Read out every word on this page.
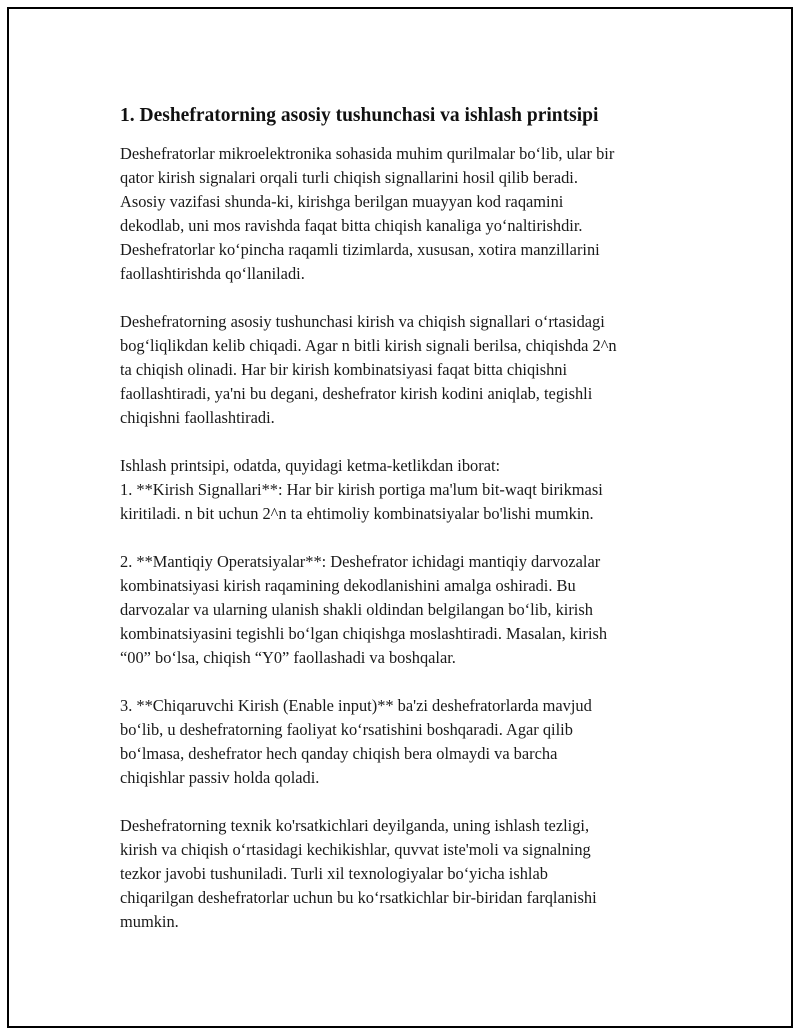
1. Deshefratorning asosiy tushunchasi va ishlash printsipi
Deshefratorlar mikroelektronika sohasida muhim qurilmalar bo‘lib, ular bir
qator kirish signalari orqali turli chiqish signallarini hosil qilib beradi.
Asosiy vazifasi shunda-ki, kirishga berilgan muayyan kod raqamini
dekodlab, uni mos ravishda faqat bitta chiqish kanaliga yo‘naltirishdir.
Deshefratorlar ko‘pincha raqamli tizimlarda, xususan, xotira manzillarini
faollashtirishda qo‘llaniladi.
Deshefratorning asosiy tushunchasi kirish va chiqish signallari o‘rtasidagi
bog‘liqlikdan kelib chiqadi. Agar n bitli kirish signali berilsa, chiqishda 2^n
ta chiqish olinadi. Har bir kirish kombinatsiyasi faqat bitta chiqishni
faollashtiradi, ya'ni bu degani, deshefrator kirish kodini aniqlab, tegishli
chiqishni faollashtiradi.
Ishlash printsipi, odatda, quyidagi ketma-ketlikdan iborat:
1. **Kirish Signallari**: Har bir kirish portiga ma'lum bit-waqt birikmasi
kiritiladi. n bit uchun 2^n ta ehtimoliy kombinatsiyalar bo'lishi mumkin.
2. **Mantiqiy Operatsiyalar**: Deshefrator ichidagi mantiqiy darvozalar
kombinatsiyasi kirish raqamining dekodlanishini amalga oshiradi. Bu
darvozalar va ularning ulanish shakli oldindan belgilangan bo‘lib, kirish
kombinatsiyasini tegishli bo‘lgan chiqishga moslashtiradi. Masalan, kirish
“00” bo‘lsa, chiqish “Y0” faollashadi va boshqalar.
3. **Chiqaruvchi Kirish (Enable input)** ba'zi deshefratorlarda mavjud
bo‘lib, u deshefratorning faoliyat ko‘rsatishini boshqaradi. Agar qilib
bo‘lmasa, deshefrator hech qanday chiqish bera olmaydi va barcha
chiqishlar passiv holda qoladi.
Deshefratorning texnik ko'rsatkichlari deyilganda, uning ishlash tezligi,
kirish va chiqish o‘rtasidagi kechikishlar, quvvat iste'moli va signalning
tezkor javobi tushuniladi. Turli xil texnologiyalar bo‘yicha ishlab
chiqarilgan deshefratorlar uchun bu ko‘rsatkichlar bir-biridan farqlanishi
mumkin.
